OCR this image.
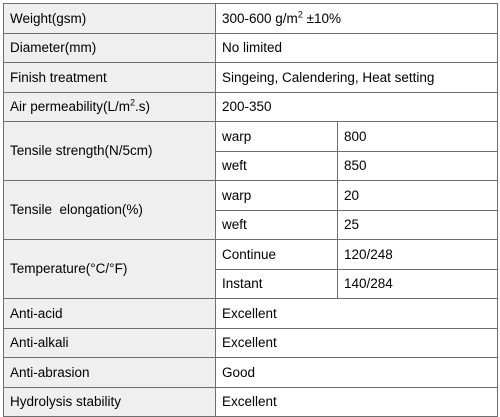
Weight(gsm)	300-600 $g/m^2 \pm 10\%$	
Diameter(mm)	No limited	
Finish treatment	Singeing, Calendering, Heat setting	
Air $permeability(L/m^2.s)$	200-350	
Tensile strength(N/5cm)	warp	800
	weft	850
Tensile  elongation(%)	warp	20
	weft	25
Temperature(°C/°F)	Continue	120/248
	Instant	140/284
Anti-acid	Excellent	
Anti-alkali	Excellent	
Anti-abrasion	Good	
Hydrolysis stability	Excellent	
